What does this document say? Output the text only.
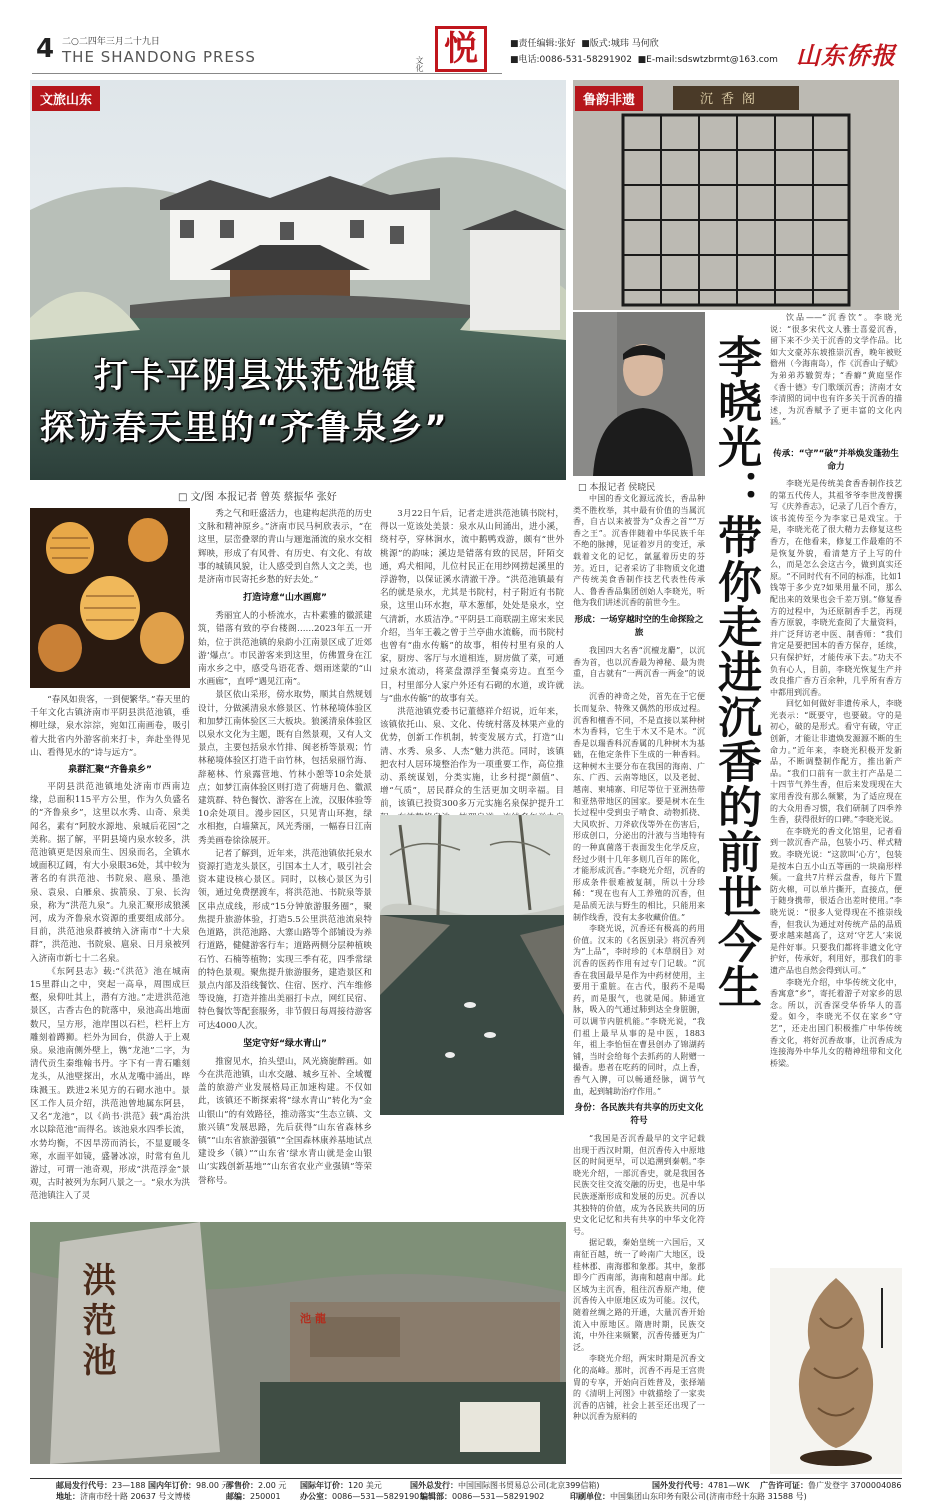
4 二○二四年三月二十九日
THE SHANDONG PRESS	文化 悦	■责任编辑:张好 ■版式:城玮 马何欣
■电话:0086-531-58291902 ■E-mail:sdswtzbrmt@163.com 山东侨报
文旅山东
打卡平阴县洪范池镇
探访春天里的“齐鲁泉乡”
□ 文/图 本报记者 曾英 蔡振华 张好

“春风如贵客，一到便繁华。”春天里的千年文化古镇济南市平阴县洪范池镇，垂柳吐绿，泉水淙淙，宛如江南画卷，吸引着大批省内外游客前来打卡，奔赴坐得见山、看得见水的“诗与远方”。

泉群汇聚“齐鲁泉乡”

平阴县洪范池镇地处济南市西南边缘，总面积115平方公里，作为久负盛名的“齐鲁泉乡”，这里以水秀、山奇、泉美闻名，素有“阿胶水源地、泉城后花园”之美称。据了解，平阴县境内泉水较多，洪范池镇更是因泉而生、因泉而名，全镇水域面积辽阔，有大小泉眼36处，其中较为著名的有洪范池、书院泉、扈泉、墨池泉、袁泉、白雁泉、拔箭泉、丁泉、长沟泉，称为“洪范九泉”。九泉汇聚形成狼溪河，成为齐鲁泉水资源的重要组成部分。目前，洪范池泉群被纳入济南市“十大泉群”，洪范池、书院泉、扈泉、日月泉被列入济南市新七十二名泉。

《东阿县志》载:“《洪范》池在城南15里群山之中，突起一高阜，周围成巨壑，泉仰吐其上，潜有方池。”走进洪范池景区，古香古色的院落中，泉池高出地面数尺，呈方形，池岸围以石栏，栏杆上方雕刻着蹲狮。栏外为回台，供游人于上观泉。泉池南侧外壁上，镌“龙池”二字，为清代贡生秦维翰书丹。字下有一青石雕刻龙头，从池壁探出，水从龙嘴中涌出，哗珠溅玉。跌进2米见方的石砌水池中。景区工作人员介绍，洪范池曾地属东阿县，又名“龙池”，以《尚书·洪范》载“禹治洪水以除范池”而得名。该池泉水四季长流，水势均衡，不因旱涝而消长，不显夏暖冬寒，水面平如镜，盛暑冰凉，时常有鱼儿游过，可谓一池奇观，形成“洪范浮金”景观，古时被列为东阿八景之一。“泉水为洪范池镇注入了灵

秀之气和旺盛活力，也建构起洪范的历史文脉和精神原乡。”济南市民马柯欣表示，“在这里，层峦叠翠的青山与逦迤涌流的泉水交相辉映，形成了有风骨、有历史、有文化、有故事的城镇风貌，让人感受到自然人文之美，也是济南市民寄托乡愁的好去处。”

打造诗意“山水画廊”

秀丽宜人的小桥流水，古朴素雅的徽派建筑，错落有致的亭台楼阁……2023年五一开始，位于洪范池镇的泉韵小江南景区成了近郊游‘爆点’。市民游客来到这里，仿佛置身在江南水乡之中，感受鸟语花香、烟雨迷蒙的“山水画廊”，直呼“遇见江南”。

景区依山采形，傍水取势，顺其自然规划设计，分做溪清泉水修景区、竹林秘境体验区和加梦江南体验区三大板块。狼溪清泉体验区以泉水文化为主题，既有自然景观，又有人文景点，主要包括泉水竹排、闽老桥等景观；竹林秘境体验区打造千亩竹林，包括泉丽竹海、辞秘林、竹泉露营地、竹林小憩等10余处景点；如梦江南体验区则打造了荷塘月色、徽派建筑群、特色餐饮、游客在上流，汉服体验等10余处项目。漫步园区，只见青山环抱，绿水相抱，白墙黛瓦，风光秀丽，一幅春日江南秀美画卷徐徐展开。

记者了解到，近年来，洪范池镇依托泉水资源打造龙头景区，引国本土人才，吸引社会资本建设核心景区。同时，以核心景区为引领，通过免费摆渡车，将洪范池、书院泉等景区串点成线，形成“15分钟旅游服务圈”，聚焦提升旅游体验，打造5.5公里洪范池流泉特色道路，洪范池路、大寨山路等个部铺设为养行道路，健健游客行车；道路两侧分层种植映石竹、石楠等植物；实现三季有花，四季常绿的特色景观。聚焦提升旅游服务，建造景区和景点内部及沿线餐饮、住宿、医疗、汽车维修等设施，打造并推出美丽打卡点，网红民宿、特色餐饮等配套服务，非节假日每周接待游客可达4000人次。

坚定守好“绿水青山”

推窗见水，抬头望山，风光旖旎醉画。如今在洪范池镇，山水交融、城乡互补、全域覆盖的旅游产业发展格局正加速构建。不仅如此，该镇还不断探索将“绿水青山”转化为“金山银山”的有效路径，推动落实“生态立镇、文旅兴镇”发展思路，先后获得“山东省森林乡镇”“山东省旅游强镇”“全国森林康养基地试点建设乡（镇）”“山东省‘绿水青山就是金山银山’实践创新基地”“山东省农业产业强镇”等荣誉称号。

3月22日午后，记者走进洪范池镇书院村，得以一览该处美景：泉水从山间涌出，进小溪，绕村亭，穿林涧水，流中鹅鸭戏游，颇有“世外桃源”的韵味；溪边是错落有致的民居，阡陌交通，鸡犬相闻，儿位村民正在用纱网捞起溪里的浮游物，以保证溪水清澈干净。“洪范池镇最有名的就是泉水，尤其是书院村，村子附近有书院泉，这里山环水抱，草木葱郁，处处是泉水，空气清新，水质洁净。”平阴县工商联副主席宋来民介绍，当年王羲之曾于兰亭曲水流觞，而书院村也曾有“曲水传觞”的故事，相传村里有泉的人家，厨房、客厅与水道相连，厨房做了菜，可通过泉水流动，将菜盘漂浮至餐桌旁边。直至今日，村里部分人家户外还有石砌的水道，或许就与“曲水传觞”的故事有关。

洪范池镇党委书记董德祥介绍说，近年来，该镇依托山、泉、文化、传统村落及林果产业的优势，创新工作机制，转变发展方式，打造“山清、水秀、泉多、人杰”魅力洪范。同时，该镇把农村人居环境整治作为一项重要工作，高位推动、系统谋划，分类实施，让乡村提“颜值”、增“气质”，居民群众的生活更加文明幸福。目前，该镇已投资300多万元实施名泉保护提升工

洪范池	池龍
沉香阁
鲁韵非遗
李晓光：带你走进沉香的前世今生

饮品——“沉香饮”。李晓光说：“很多宋代文人雅士喜爱沉香，留下来不少关于沉香的文学作品。比如大文豪苏东坡推崇沉香，晚年被贬儋州（今海南岛），作《沉香山子赋》为弟弟苏辙贺寿；“香癖”黄庭坚作《香十德》专门歌颂沉香；济南才女李清照的词中也有许多关于沉香的描述，为沉香赋予了更丰富的文化内涵。”

□ 本报记者 侯晓民

中国的香文化源远流长，香品种类不胜枚举，其中最有价值的当属沉香，自古以来被誉为“众香之首”“万香之王”。沉香伴随着中华民族千年不绝的脉搏，见证着岁月的变迁，承载着文化的记忆，氤氲着历史的芬芳。近日，记者采访了非物质文化遗产传统美食香制作技艺代表性传承人、鲁香香品集团创始人李晓光，听他为我们讲述沉香的前世今生。

形成：一场穿越时空的生命探险之旅

我国四大名香“沉檀龙麝”，以沉香为首，也以沉香最为神秘、最为贵重，自古就有“一两沉香一两金”的说法。

沉香的神奇之处，首先在于它便长而复杂、特殊又偶然的形成过程。沉香和檀香不同，不是直接以某种树木为香料，它生于木又不是木。“沉香是以瑞香科沉香属的几种树木为基础，在他定条件下生成的一种香料。这种树木主要分布在我国的海南、广东、广西、云南等地区，以及老挝、越南、柬埔寨、印尼等位于亚洲热带和亚热带地区的国家。要是树木在生长过程中受到虫子啃食、动物抓挠、大风吹折、刀斧砍伐等外在伤害后，形成创口，分泌出的汁液与当地特有的一种真菌落于表面发生化学反应，经过少则十几年多则几百年的陈化，才能形成沉香。”李晓光介绍，沉香的形成条件很难被复制，所以十分珍稀：“现在也有人工养殖的沉香，但是品质无法与野生的相比，只能用来制作线香，没有太多收藏价值。”

李晓光说，沉香还有极高的药用价值。汉末的《名医别录》将沉香列为“上品”，李时珍的《本草纲目》对沉香的医药作用有过专门记载。“沉香在我国最早是作为中药材使用，主要用于重脏。在古代，服药不是喝药，而是服气，也就是闻。肺通宣脉，吸入的气通过肺到达全身脏腑，可以调节内脏机能。”李晓光说，“我们祖上最早从事的是中医，1883年，祖上李怡恒在曹县创办了锦湖药铺，当时会给每个去抓药的人附赠一撮香。患者在吃药的同时，点上香，香气入脾，可以畅通经脉，调节气血，起到辅助治疗作用。”

身份：各民族共有共享的历史文化符号

“我国是否沉香最早的文字记载出现于西汉时期，但沉香传入中原地区的时间更早，可以追溯到秦朝。”李晓光介绍，一部沉香史，就是我国各民族交往交流交融的历史，也是中华民族逐渐形成和发展的历史。沉香以其独特的价值，成为各民族共同的历史文化记忆和共有共享的中华文化符号。

据记载，秦始皇统一六国后，又南征百越，统一了岭南广大地区，设桂林郡、南海郡和象郡。其中，象郡即今广西南部，海南和越南中部。此区域为主沉香，租往沉香原产地，使沉香传入中原地区成为可能。汉代，随着丝绸之路的开通，大量沉香开始流入中原地区。隋唐时期，民族交流，中外往来频繁，沉香传播更为广泛。

李晓光介绍，两宋时期是沉香文化的高峰。那时，沉香不再是王宫贵胄的专享，开始向百姓普及，张择端的《清明上河图》中就描绘了一家卖沉香的店铺，社会上甚至还出现了一种以沉香为原料的

传承：“守”“破”并举焕发蓬勃生命力

李晓光是传统美食香香制作技艺的第五代传人，其祖爷爷李世茂曾撰写《庆养香志》，记录了几百个香方，该书流传至今为李家已是戏宝。于是，李晓光花了很大精力去修复这些香方，在他看来，修复工作最难的不是恢复外貌，看清楚方子上写的什么，而是怎么会这古今，做到真实还原。“不同时代有不同的标准，比如1钱等于多少克?如果用量不同，那么配出来的效果也会千差万别。”修复香方的过程中，为还原制香手艺，再现香方原貌，李晓光查阅了大量资料，并广泛拜访老中医、制香师：“我们肯定是要把国本的香方保存，延续，只有保护好，才能传承下去。”功夫不负有心人，目前，李晓光恢复生产并改良推广香方百余种，几乎所有香方中都用到沉香。

回忆如何做好非遗传承人，李晓光表示：“既要守，也要破。守的是初心，破的是形式。看守有破，守正创新，才能让非遗焕发源源不断的生命力。”近年来，李晓光积极开发新品，不断调整制作配方，推出新产品。“我们口前有一款主打产品是二十四节气养生香，但后来发现现在大家用香没有那么频繁，为了适应现在的大众用香习惯，我们研制了四季养生香，获得很好的口碑。”李晓光说。

在李晓光的香文化馆里，记者看到一款沉香产品，包装小巧、样式精致。李晓光说：“这款叫‘心方’，包装是按本白五小山五等画的一块扁形样频。一盒共7片样云盘香，每片下置防火棉，可以单片撕开，直接点，便于随身携带，很适合出差时使用。”李晓光说：“很多人觉得现在不推崇线香，但我认为通过对传统产品的品质要求越来越高了，这对‘守艺人’来说是件好事。只要我们都将非遗文化守护好，传承好，利用好，那我们的非遗产品也自然会得到认可。”

李晓光介绍，中华传统文化中，香寓意“乡”，寄托着游子对家乡的思念。所以，沉香深受华侨华人的喜爱。如今，李晓光不仅在家乡“守艺”，还走出国门积极推广中华传统香文化，将好沉香故事，让沉香成为连接海外中华儿女的精神纽带和文化桥梁。

邮局发行代号：23—188 国内年订价：98.00 元
零售价：2.00 元 国际年订价：120 美元	国外总发行：中国国际图书贸易总公司(北京399信箱)	国外发行代号：4781—WK 广告许可证：鲁广发登字 3700004086
地址：济南市经十路 20637 号文博楼	邮编：250001 办公室：0086—531—58291901
编辑部：0086—531—58291902	印刷单位：中国集团山东印务有限公司(济南市经十东路 31588 号)
